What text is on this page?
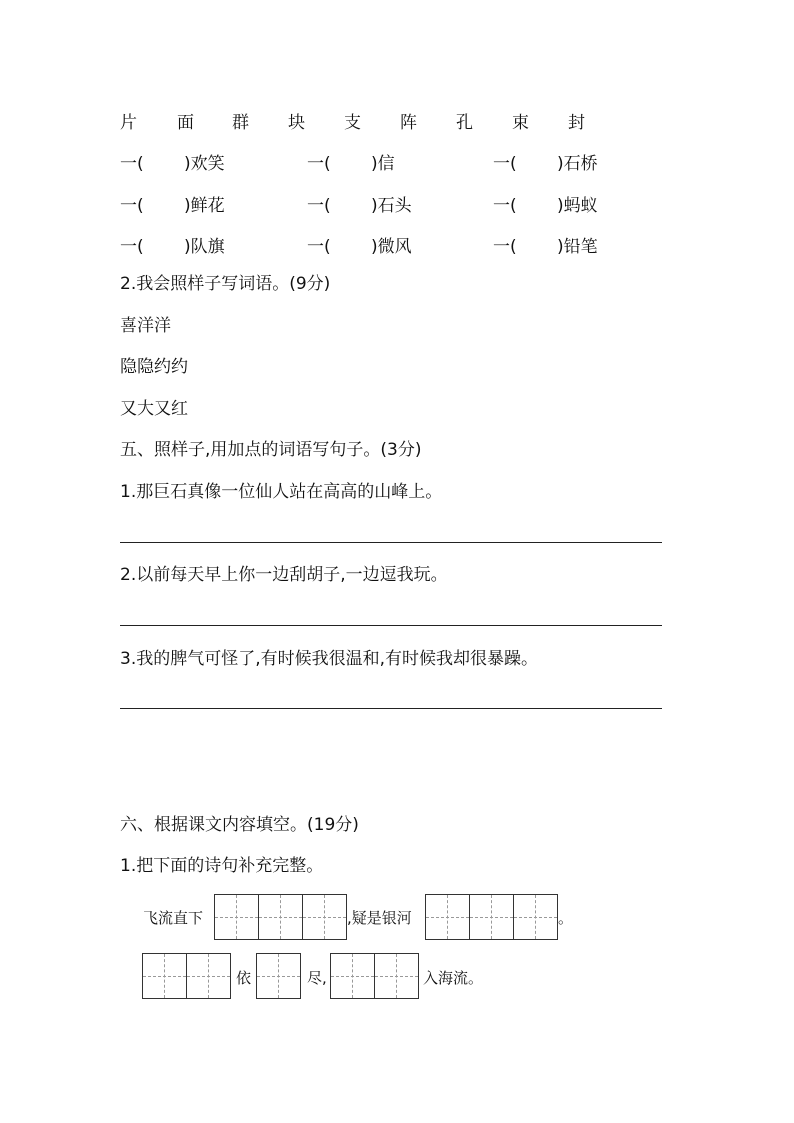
片 面 群 块 支 阵 孔 束 封
一( )欢笑	一( )信	一( )石桥
一( )鲜花	一( )石头	一( )蚂蚁
一( )队旗	一( )微风	一( )铅笔
2.我会照样子写词语。(9分)
喜洋洋
隐隐约约
又大又红
五、照样子,用加点的词语写句子。(3分)
1.那巨石真像一位仙人站在高高的山峰上。
2.以前每天早上你一边刮胡子,一边逗我玩。
3.我的脾气可怪了,有时候我很温和,有时候我却很暴躁。
六、根据课文内容填空。(19分)
1.把下面的诗句补充完整。
飞流直下	,疑是银河	。
依	尽,	入海流。
